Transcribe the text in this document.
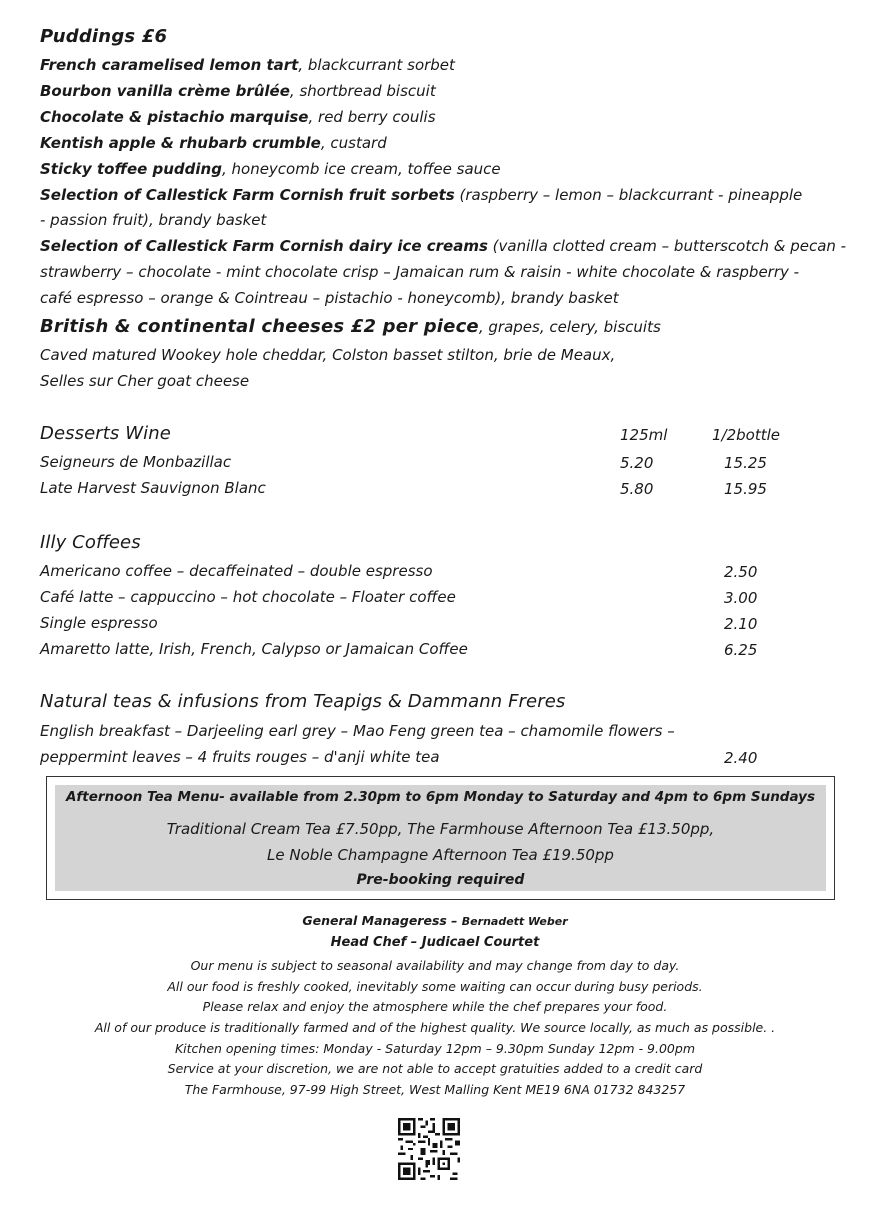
Puddings £6
French caramelised lemon tart, blackcurrant sorbet
Bourbon vanilla crème brûlée, shortbread biscuit
Chocolate & pistachio marquise, red berry coulis
Kentish apple & rhubarb crumble, custard
Sticky toffee pudding, honeycomb ice cream, toffee sauce
Selection of Callestick Farm Cornish fruit sorbets (raspberry – lemon – blackcurrant - pineapple
- passion fruit), brandy basket
Selection of Callestick Farm Cornish dairy ice creams (vanilla clotted cream – butterscotch & pecan -
strawberry – chocolate - mint chocolate crisp – Jamaican rum & raisin - white chocolate & raspberry -
café espresso – orange & Cointreau – pistachio - honeycomb), brandy basket
British & continental cheeses £2 per piece, grapes, celery, biscuits
Caved matured Wookey hole cheddar, Colston basset stilton, brie de Meaux,
Selles sur Cher goat cheese
Desserts Wine	125ml	1/2bottle
Seigneurs de Monbazillac	5.20	15.25
Late Harvest Sauvignon Blanc	5.80	15.95
Illy Coffees
Americano coffee – decaffeinated – double espresso	2.50
Café latte – cappuccino – hot chocolate – Floater coffee	3.00
Single espresso	2.10
Amaretto latte, Irish, French, Calypso or Jamaican Coffee	6.25
Natural teas & infusions from Teapigs & Dammann Freres
English breakfast – Darjeeling earl grey – Mao Feng green tea – chamomile flowers –
peppermint leaves – 4 fruits rouges – d'anji white tea	2.40
Afternoon Tea Menu- available from 2.30pm to 6pm Monday to Saturday and 4pm to 6pm Sundays
Traditional Cream Tea £7.50pp, The Farmhouse Afternoon Tea £13.50pp,
Le Noble Champagne Afternoon Tea £19.50pp
Pre-booking required
General Manageress – Bernadett Weber
Head Chef – Judicael Courtet
Our menu is subject to seasonal availability and may change from day to day.
All our food is freshly cooked, inevitably some waiting can occur during busy periods.
Please relax and enjoy the atmosphere while the chef prepares your food.
All of our produce is traditionally farmed and of the highest quality. We source locally, as much as possible. .
Kitchen opening times: Monday - Saturday 12pm – 9.30pm Sunday 12pm - 9.00pm
Service at your discretion, we are not able to accept gratuities added to a credit card
The Farmhouse, 97-99 High Street, West Malling Kent ME19 6NA 01732 843257
